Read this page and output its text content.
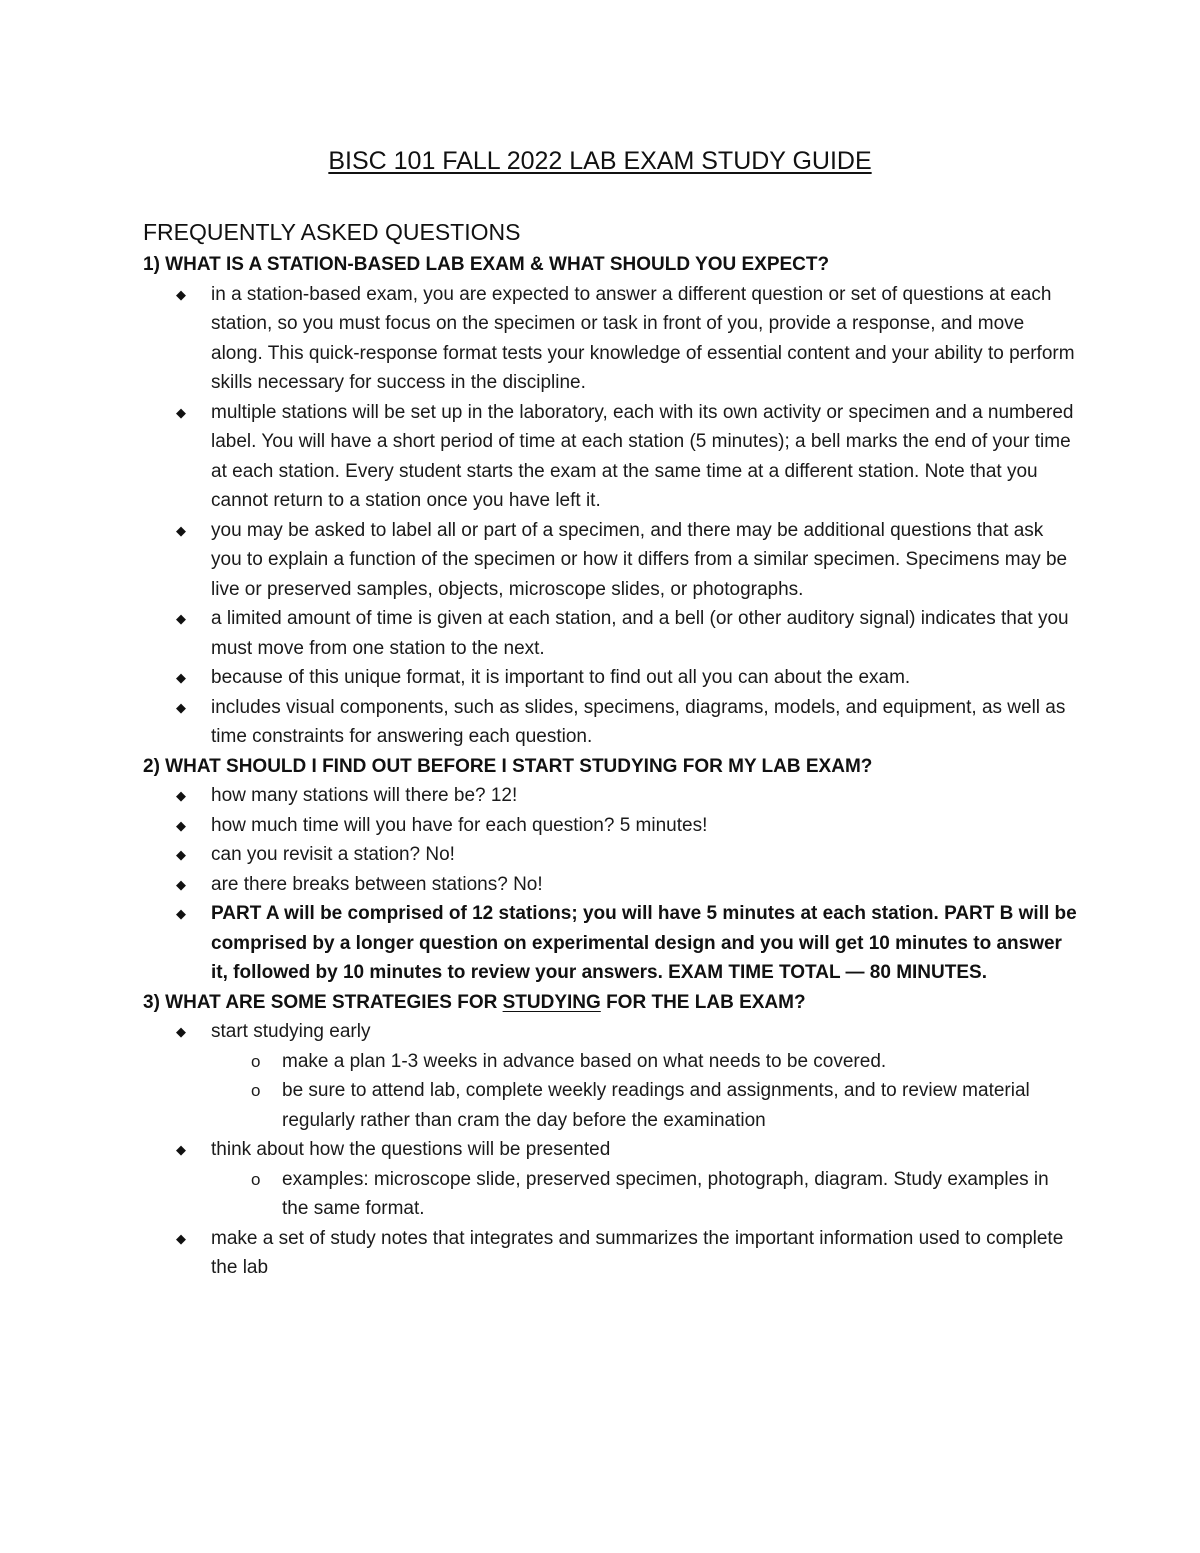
BISC 101 FALL 2022 LAB EXAM STUDY GUIDE
FREQUENTLY ASKED QUESTIONS
1) WHAT IS A STATION-BASED LAB EXAM & WHAT SHOULD YOU EXPECT?
◆ in a station-based exam, you are expected to answer a different question or set of questions at each station, so you must focus on the specimen or task in front of you, provide a response, and move along. This quick-response format tests your knowledge of essential content and your ability to perform skills necessary for success in the discipline.
◆ multiple stations will be set up in the laboratory, each with its own activity or specimen and a numbered label. You will have a short period of time at each station (5 minutes); a bell marks the end of your time at each station. Every student starts the exam at the same time at a different station. Note that you cannot return to a station once you have left it.
◆ you may be asked to label all or part of a specimen, and there may be additional questions that ask you to explain a function of the specimen or how it differs from a similar specimen. Specimens may be live or preserved samples, objects, microscope slides, or photographs.
◆ a limited amount of time is given at each station, and a bell (or other auditory signal) indicates that you must move from one station to the next.
◆ because of this unique format, it is important to find out all you can about the exam.
◆ includes visual components, such as slides, specimens, diagrams, models, and equipment, as well as time constraints for answering each question.
2) WHAT SHOULD I FIND OUT BEFORE I START STUDYING FOR MY LAB EXAM?
◆ how many stations will there be? 12!
◆ how much time will you have for each question? 5 minutes!
◆ can you revisit a station? No!
◆ are there breaks between stations? No!
◆ PART A will be comprised of 12 stations; you will have 5 minutes at each station. PART B will be comprised by a longer question on experimental design and you will get 10 minutes to answer it, followed by 10 minutes to review your answers. EXAM TIME TOTAL — 80 MINUTES.
3) WHAT ARE SOME STRATEGIES FOR STUDYING FOR THE LAB EXAM?
◆ start studying early
o	make a plan 1-3 weeks in advance based on what needs to be covered.
o	be sure to attend lab, complete weekly readings and assignments, and to review material regularly rather than cram the day before the examination
◆ think about how the questions will be presented
o	examples: microscope slide, preserved specimen, photograph, diagram. Study examples in the same format.
◆ make a set of study notes that integrates and summarizes the important information used to complete the lab
